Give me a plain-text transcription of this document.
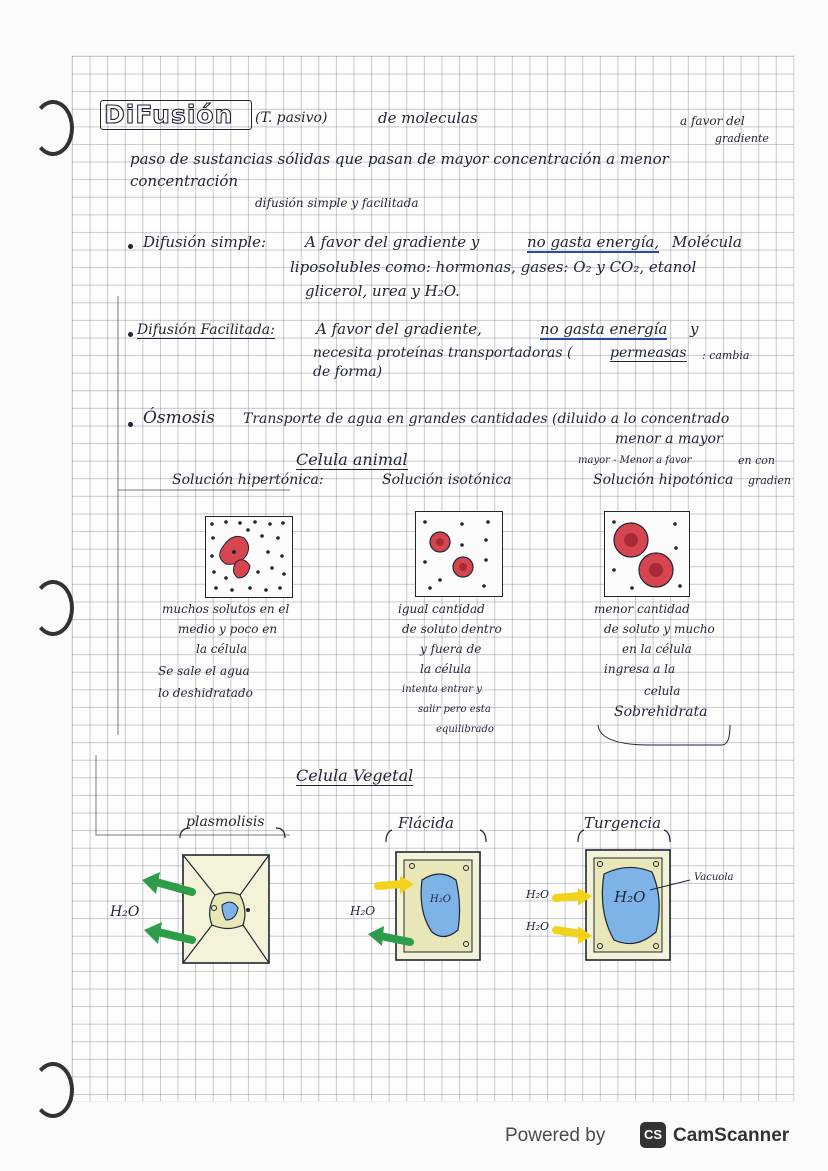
DiFusión (T. pasivo)	de moleculas	a favor del
gradiente
paso de sustancias sólidas que pasan de mayor concentración a menor
concentración
difusión simple y facilitada
Difusión simple:	A favor del gradiente y	no gasta energía, Molécula
liposolubles como: hormonas, gases: O₂ y CO₂, etanol
glicerol, urea y H₂O.
Difusión Facilitada:	A favor del gradiente,	no gasta energía y
necesita proteínas transportadoras (	permeasas : cambia
de forma)
Ósmosis Transporte de agua en grandes cantidades (diluido a lo concentrado
menor a mayor
mayor - Menor a favor	en con
gradien
Celula animal
Solución hipertónica:	Solución isotónica	Solución hipotónica
muchos solutos en el
medio y poco en
la célula
Se sale el agua
lo deshidratado
igual cantidad
de soluto dentro
y fuera de
la célula
intenta entrar y
salir pero esta
equilibrado
menor cantidad
de soluto y mucho
en la célula
ingresa a la
celula
Sobrehidrata
Celula Vegetal
plasmolisis	Flácida	Turgencia
H₂O	H₂O
H₂O	H₂O
H₂O
H₂O
Vacuola
Powered by	CS CamScanner
